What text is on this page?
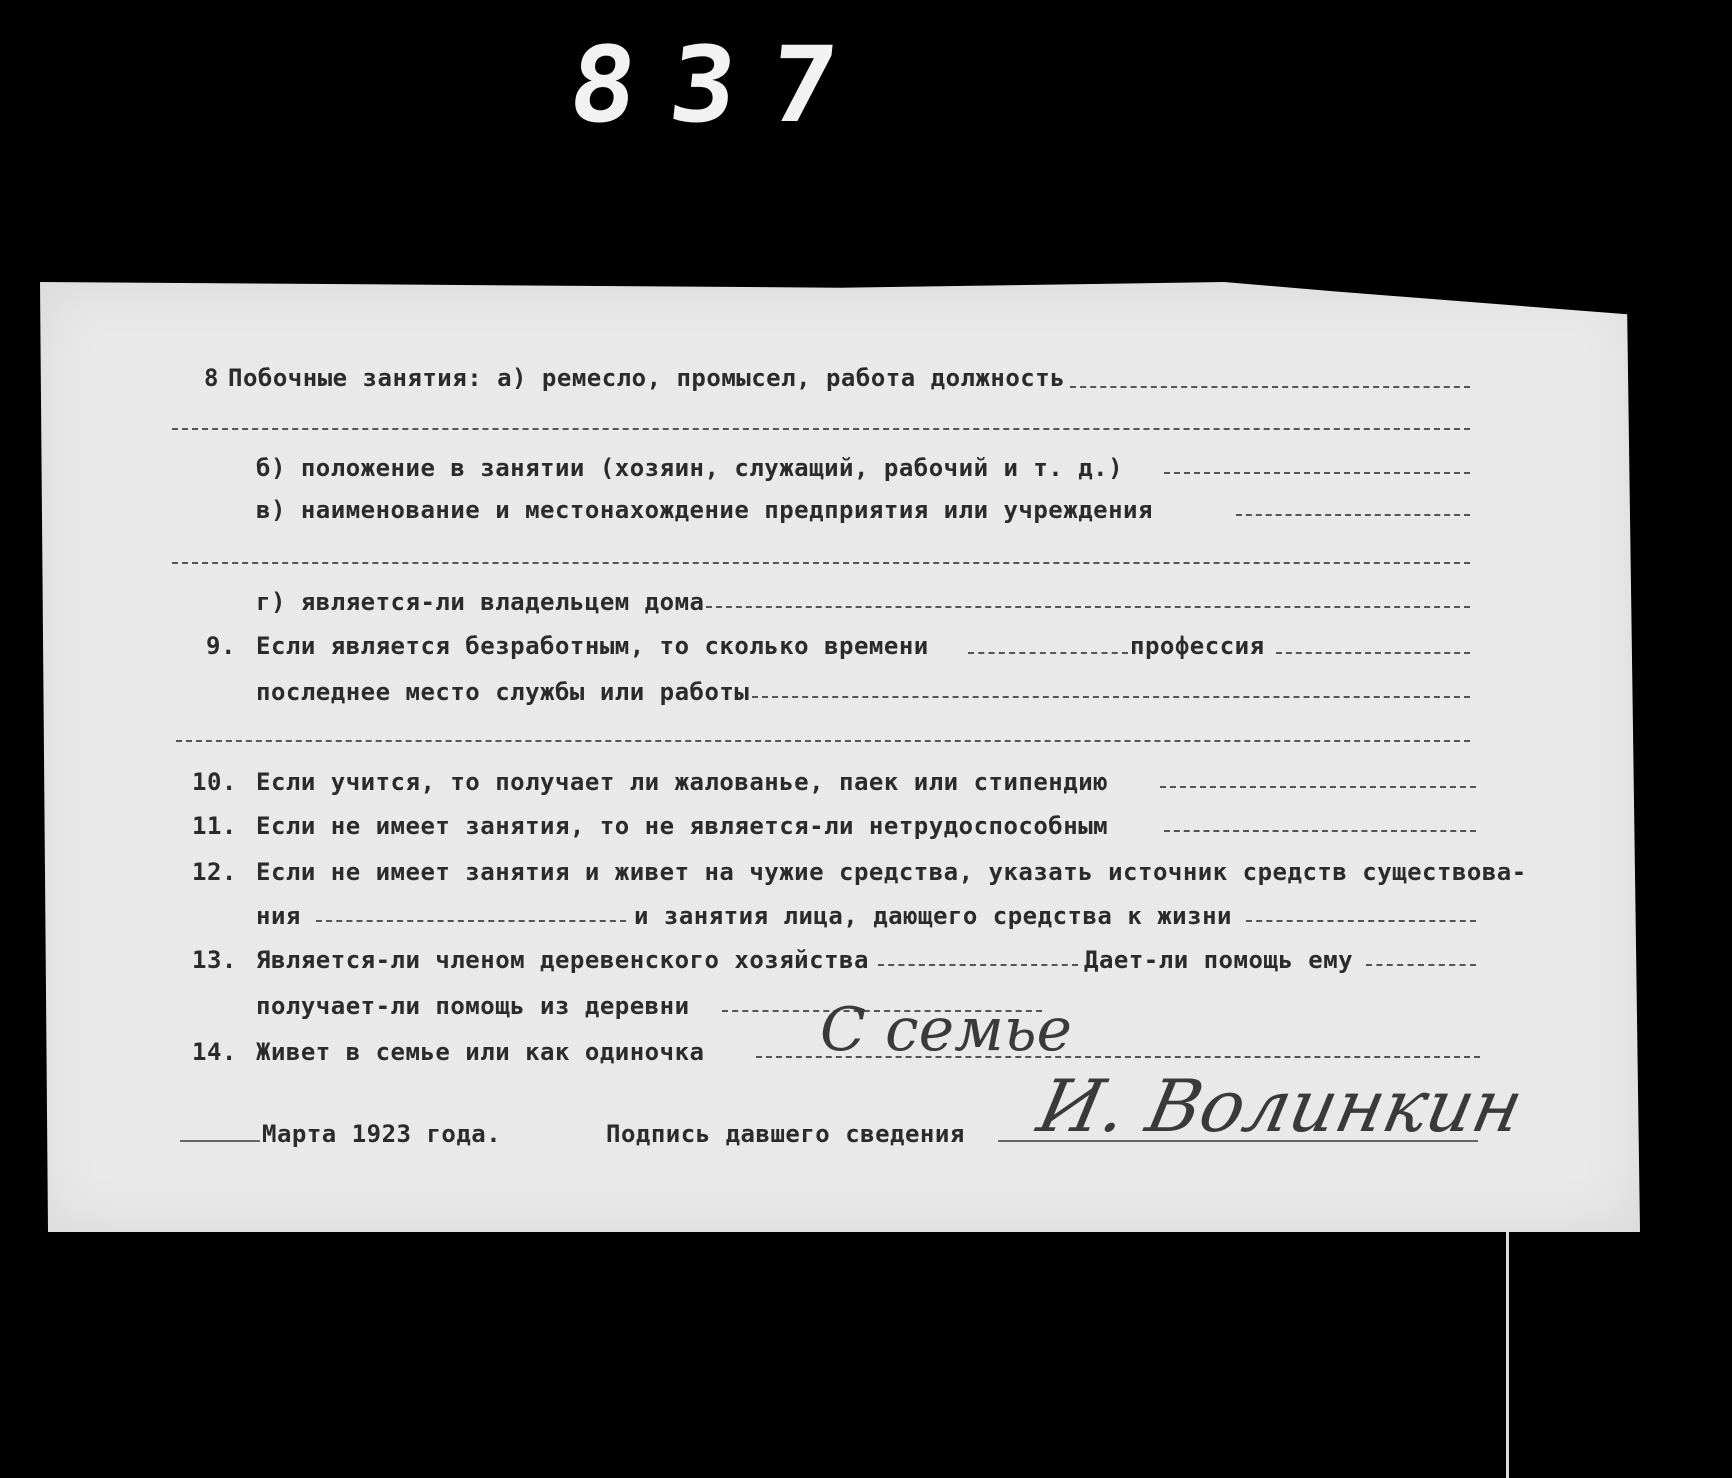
837
8 Побочные занятия: а) ремесло, промысел, работа должность
б) положение в занятии (хозяин, служащий, рабочий и т. д.)
в) наименование и местонахождение предприятия или учреждения
г) является-ли владельцем дома
9. Если является безработным, то сколько времени	профессия
последнее место службы или работы
10. Если учится, то получает ли жалованье, паек или стипендию
11. Если не имеет занятия, то не является-ли нетрудоспособным
12. Если не имеет занятия и живет на чужие средства, указать источник средств существова-
ния	и занятия лица, дающего средства к жизни
13. Является-ли членом деревенского хозяйства	Дает-ли помощь ему
получает-ли помощь из деревни
14. Живет в семье или как одиночка С семье
Марта 1923 года.	Подпись давшего сведения И. Волинкин
